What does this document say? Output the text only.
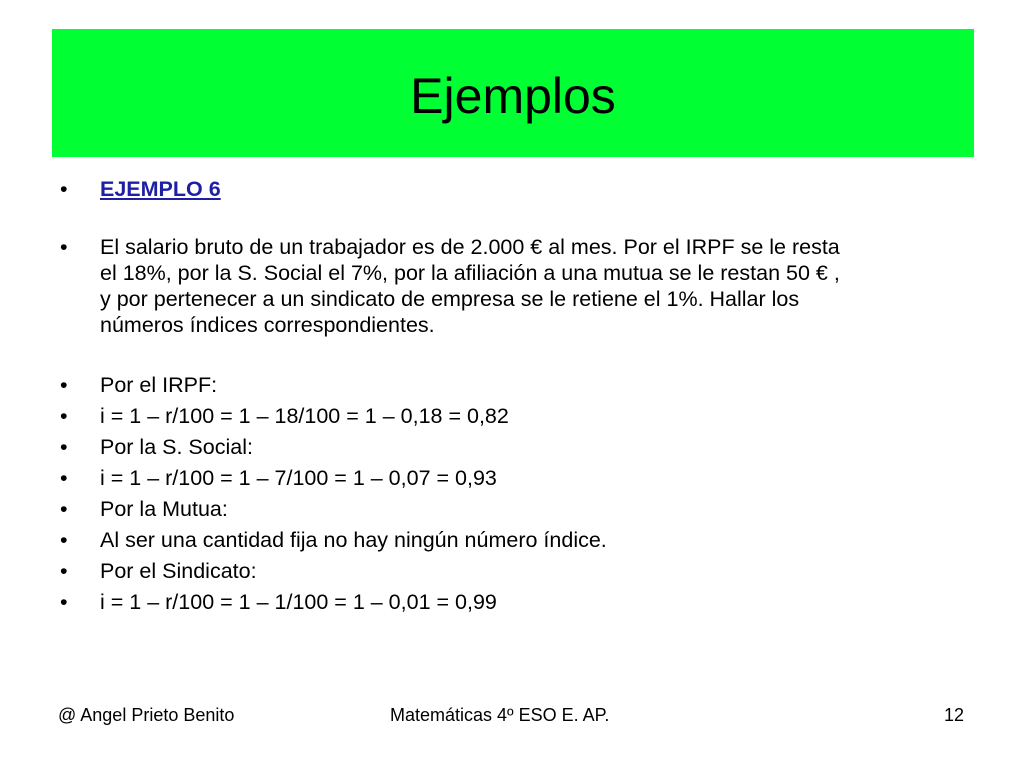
Ejemplos
• EJEMPLO 6
• El salario bruto de un trabajador es de 2.000 € al mes. Por el IRPF se le resta
el 18%, por la S. Social el 7%, por la afiliación a una mutua se le restan 50 € ,
y por pertenecer a un sindicato de empresa se le retiene el 1%. Hallar los
números índices correspondientes.
• Por el IRPF:
• i = 1 – r/100 = 1 – 18/100 = 1 – 0,18 = 0,82
• Por la S. Social:
• i = 1 – r/100 = 1 – 7/100 = 1 – 0,07 = 0,93
• Por la Mutua:
• Al ser una cantidad fija no hay ningún número índice.
• Por el Sindicato:
• i = 1 – r/100 = 1 – 1/100 = 1 – 0,01 = 0,99
@ Angel Prieto Benito	Matemáticas 4º ESO E. AP.	12
